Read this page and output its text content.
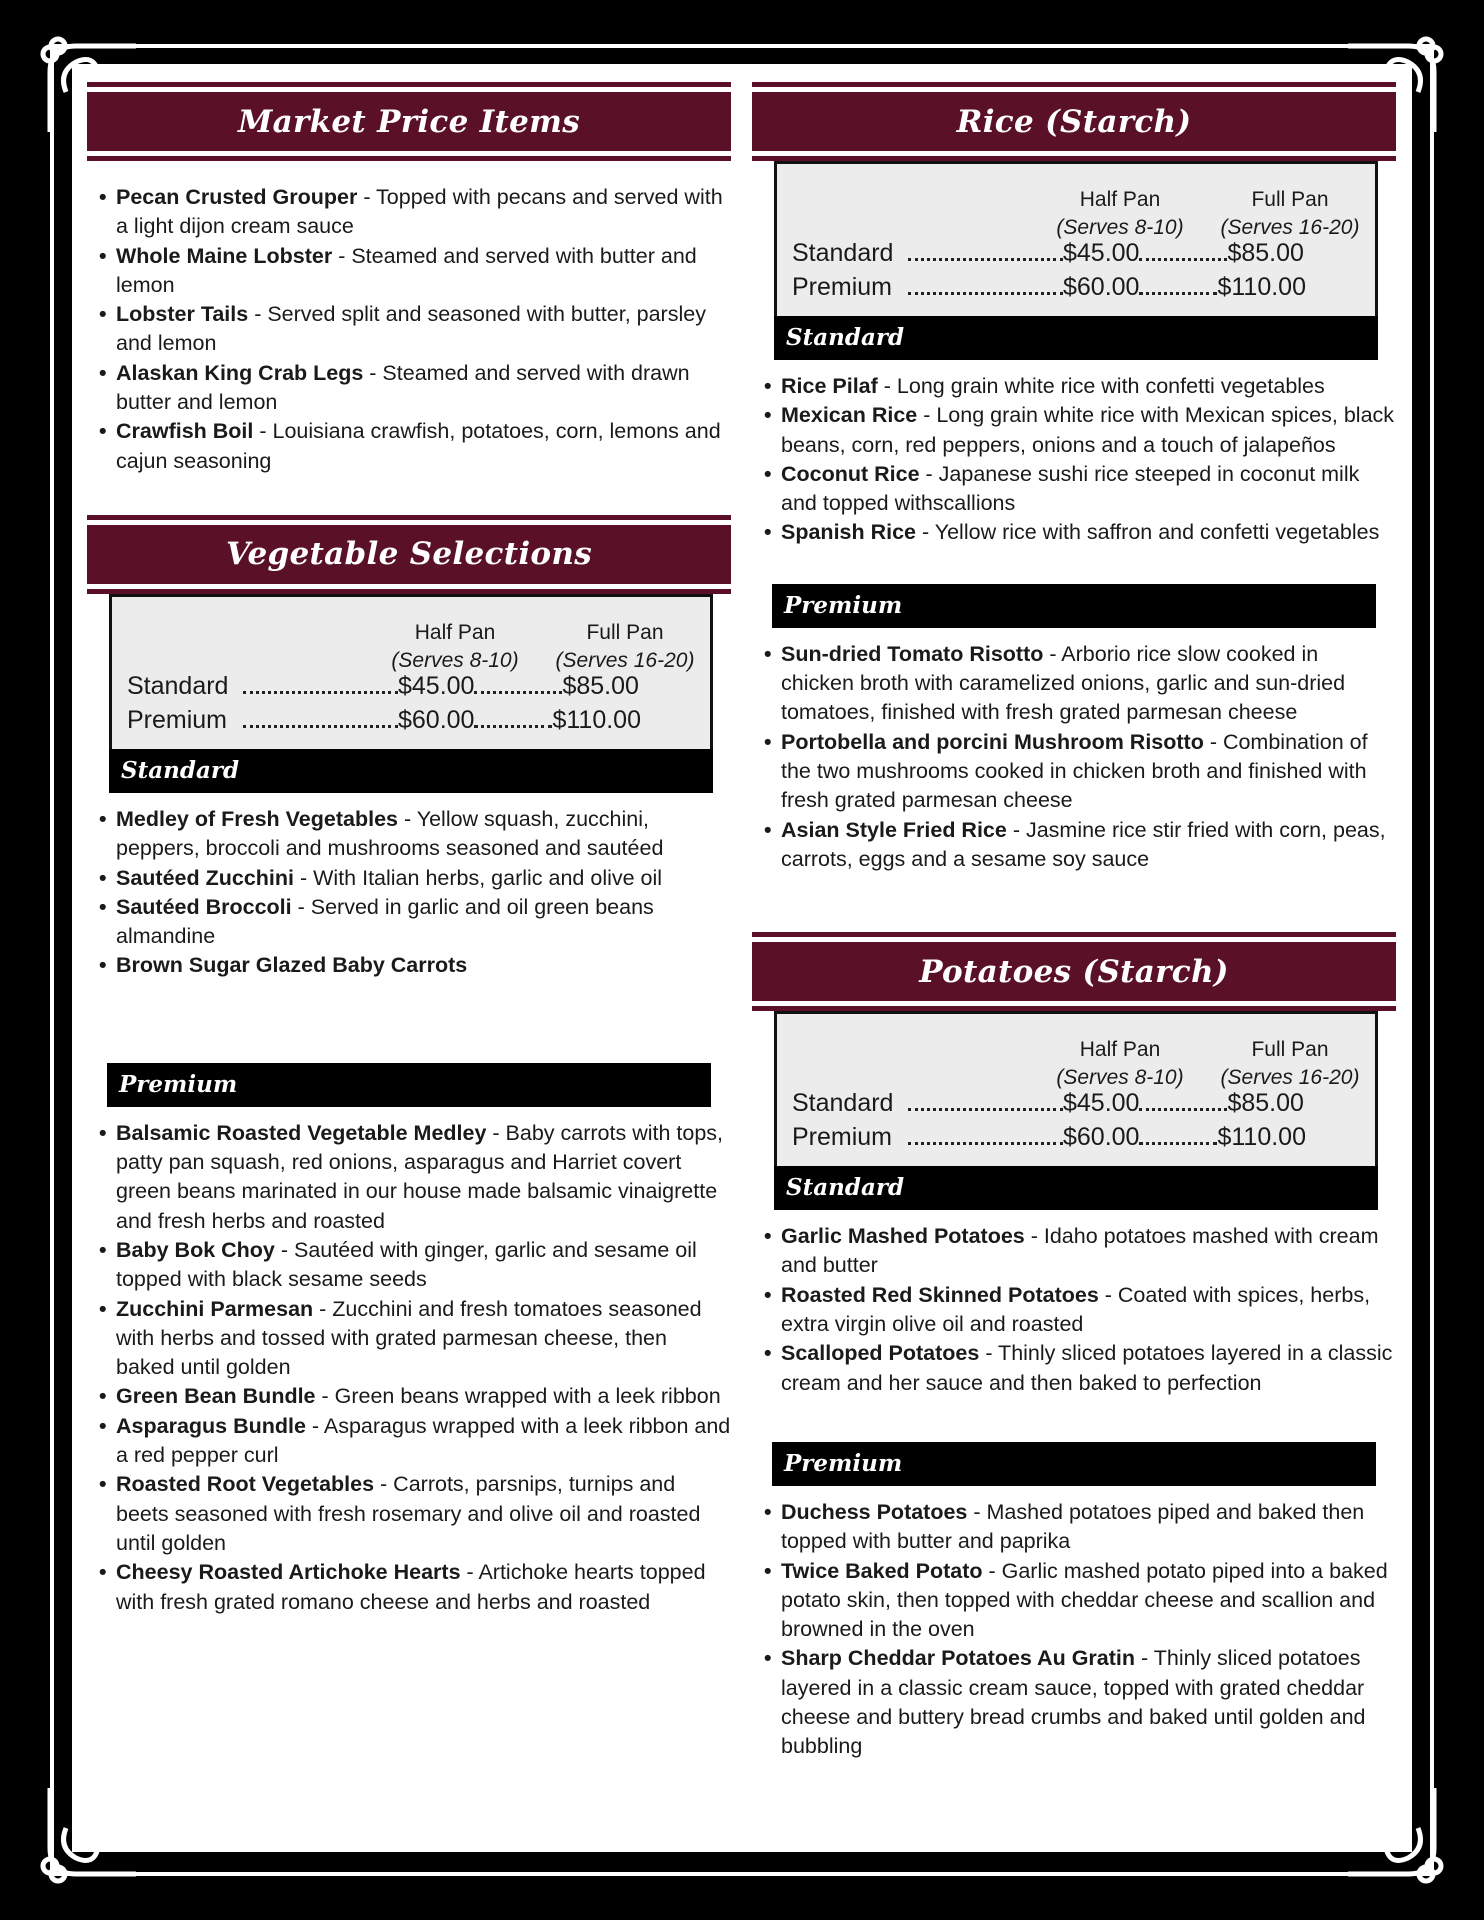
Market Price Items
• Pecan Crusted Grouper - Topped with pecans and served with a light dijon cream sauce
• Whole Maine Lobster - Steamed and served with butter and lemon
• Lobster Tails - Served split and seasoned with butter, parsley and lemon
• Alaskan King Crab Legs - Steamed and served with drawn butter and lemon
• Crawfish Boil - Louisiana crawfish, potatoes, corn, lemons and cajun seasoning
Vegetable Selections
Half Pan
(Serves 8-10)
Full Pan
(Serves 16-20)
Standard	$45.00	$85.00
Premium	$60.00	$110.00
Standard
• Medley of Fresh Vegetables - Yellow squash, zucchini, peppers, broccoli and mushrooms seasoned and sautéed
• Sautéed Zucchini - With Italian herbs, garlic and olive oil
• Sautéed Broccoli - Served in garlic and oil green beans almandine
• Brown Sugar Glazed Baby Carrots
Premium
• Balsamic Roasted Vegetable Medley - Baby carrots with tops, patty pan squash, red onions, asparagus and Harriet covert green beans marinated in our house made balsamic vinaigrette and fresh herbs and roasted
• Baby Bok Choy - Sautéed with ginger, garlic and sesame oil topped with black sesame seeds
• Zucchini Parmesan - Zucchini and fresh tomatoes seasoned with herbs and tossed with grated parmesan cheese, then baked until golden
• Green Bean Bundle - Green beans wrapped with a leek ribbon
• Asparagus Bundle - Asparagus wrapped with a leek ribbon and a red pepper curl
• Roasted Root Vegetables - Carrots, parsnips, turnips and beets seasoned with fresh rosemary and olive oil and roasted until golden
• Cheesy Roasted Artichoke Hearts - Artichoke hearts topped with fresh grated romano cheese and herbs and roasted
Rice (Starch)
Half Pan
(Serves 8-10)
Full Pan
(Serves 16-20)
Standard	$45.00	$85.00
Premium	$60.00	$110.00
Standard
• Rice Pilaf - Long grain white rice with confetti vegetables
• Mexican Rice - Long grain white rice with Mexican spices, black beans, corn, red peppers, onions and a touch of jalapeños
• Coconut Rice - Japanese sushi rice steeped in coconut milk and topped withscallions
• Spanish Rice - Yellow rice with saffron and confetti vegetables
Premium
• Sun-dried Tomato Risotto - Arborio rice slow cooked in chicken broth with caramelized onions, garlic and sun-dried tomatoes, finished with fresh grated parmesan cheese
• Portobella and porcini Mushroom Risotto - Combination of the two mushrooms cooked in chicken broth and finished with fresh grated parmesan cheese
• Asian Style Fried Rice - Jasmine rice stir fried with corn, peas, carrots, eggs and a sesame soy sauce
Potatoes (Starch)
Half Pan
(Serves 8-10)
Full Pan
(Serves 16-20)
Standard	$45.00	$85.00
Premium	$60.00	$110.00
Standard
• Garlic Mashed Potatoes - Idaho potatoes mashed with cream and butter
• Roasted Red Skinned Potatoes - Coated with spices, herbs, extra virgin olive oil and roasted
• Scalloped Potatoes - Thinly sliced potatoes layered in a classic cream and her sauce and then baked to perfection
Premium
• Duchess Potatoes - Mashed potatoes piped and baked then topped with butter and paprika
• Twice Baked Potato - Garlic mashed potato piped into a baked potato skin, then topped with cheddar cheese and scallion and browned in the oven
• Sharp Cheddar Potatoes Au Gratin - Thinly sliced potatoes layered in a classic cream sauce, topped with grated cheddar cheese and buttery bread crumbs and baked until golden and bubbling
